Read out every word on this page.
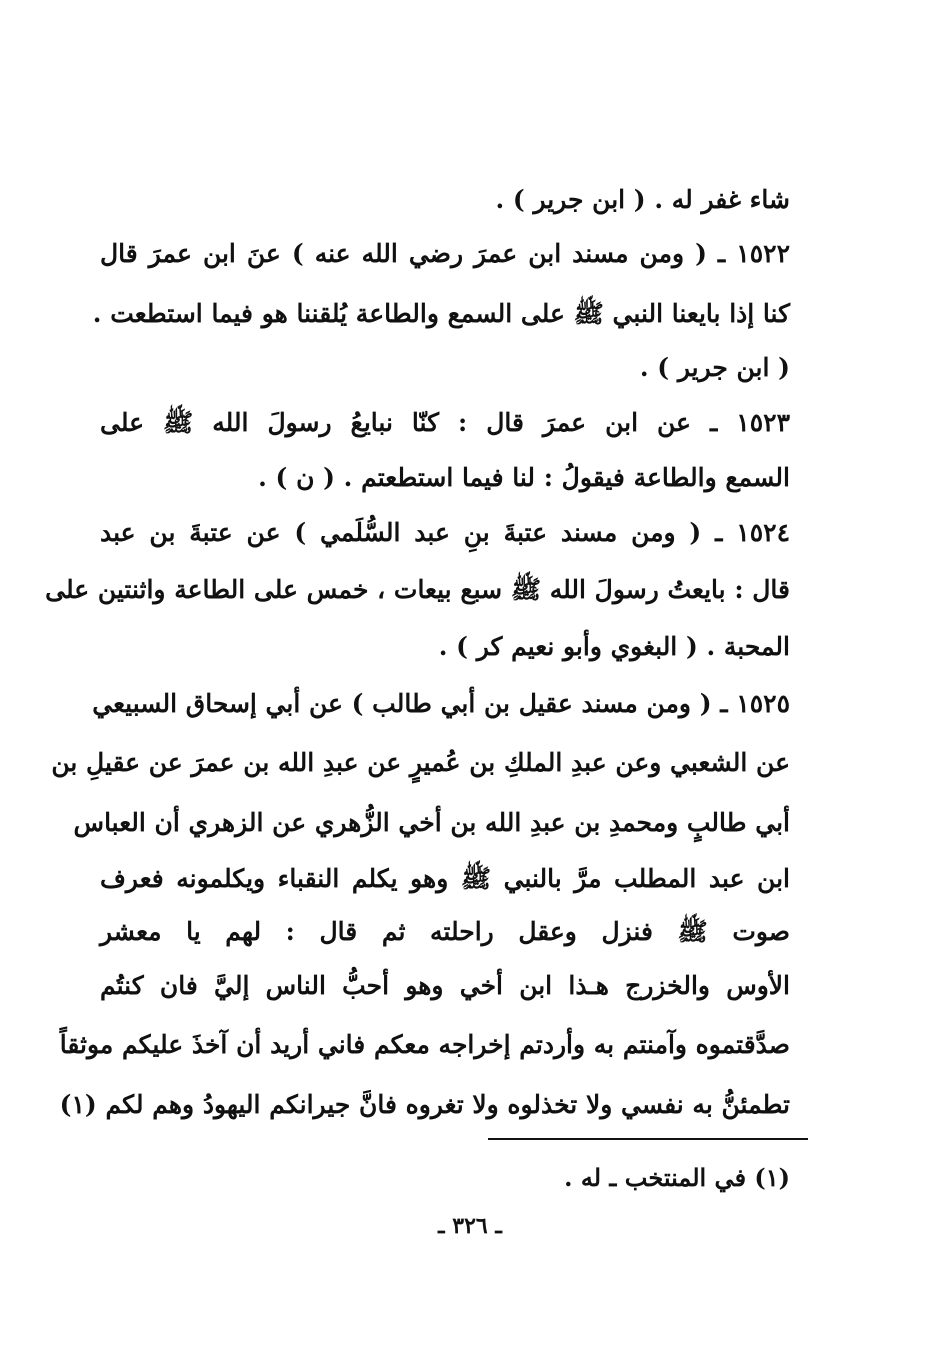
شاء غفر له . ( ابن جرير ) .
١٥٢٢ ـ ( ومن مسند ابن عمرَ رضي الله عنه ) عنَ ابن عمرَ قال
كنا إذا بايعنا النبي ﷺ على السمع والطاعة يُلقننا هو فيما استطعت .
( ابن جرير ) .
١٥٢٣ ـ عن ابن عمرَ قال : كنّا نبايعُ رسولَ الله ﷺ على
السمع والطاعة فيقولُ : لنا فيما استطعتم . ( ن ) .
١٥٢٤ ـ ( ومن مسند عتبةَ بنِ عبد السُّلَمي ) عن عتبةَ بن عبد
قال : بايعتُ رسولَ الله ﷺ سبع بيعات ، خمس على الطاعة واثنتين على
المحبة . ( البغوي وأبو نعيم كر ) .
١٥٢٥ ـ ( ومن مسند عقيل بن أبي طالب ) عن أبي إسحاق السبيعي
عن الشعبي وعن عبدِ الملكِ بن عُميرٍ عن عبدِ الله بن عمرَ عن عقيلِ بن
أبي طالبٍ ومحمدِ بن عبدِ الله بن أخي الزُّهري عن الزهري أن العباس
ابن عبد المطلب مرَّ بالنبي ﷺ وهو يكلم النقباء ويكلمونه فعرف
صوت ﷺ فنزل وعقل راحلته ثم قال : لهم يا معشر
الأوس والخزرج هـذا ابن أخي وهو أحبُّ الناس إليَّ فان كنتُم
صدَّقتموه وآمنتم به وأردتم إخراجه معكم فاني أريد أن آخذَ عليكم موثقاً
تطمئنُّ به نفسي ولا تخذلوه ولا تغروه فانَّ جيرانكم اليهودُ وهم لكم (١)
(١) في المنتخب ـ له .
ـ ٣٢٦ ـ
